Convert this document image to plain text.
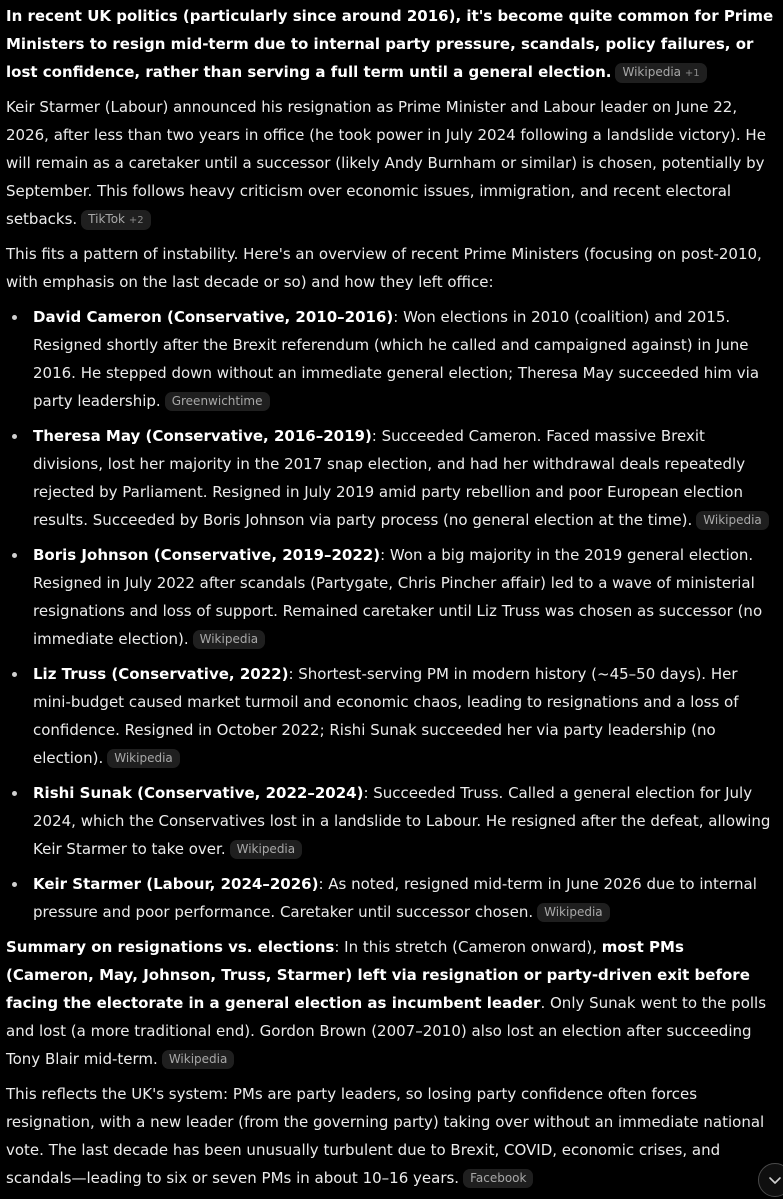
In recent UK politics (particularly since around 2016), it's become quite common for Prime Ministers to resign mid-term due to internal party pressure, scandals, policy failures, or lost confidence, rather than serving a full term until a general election. Wikipedia +1

Keir Starmer (Labour) announced his resignation as Prime Minister and Labour leader on June 22, 2026, after less than two years in office (he took power in July 2024 following a landslide victory). He will remain as a caretaker until a successor (likely Andy Burnham or similar) is chosen, potentially by September. This follows heavy criticism over economic issues, immigration, and recent electoral setbacks. TikTok +2

This fits a pattern of instability. Here's an overview of recent Prime Ministers (focusing on post-2010, with emphasis on the last decade or so) and how they left office:

David Cameron (Conservative, 2010–2016): Won elections in 2010 (coalition) and 2015. Resigned shortly after the Brexit referendum (which he called and campaigned against) in June 2016. He stepped down without an immediate general election; Theresa May succeeded him via party leadership. Greenwichtime
Theresa May (Conservative, 2016–2019): Succeeded Cameron. Faced massive Brexit divisions, lost her majority in the 2017 snap election, and had her withdrawal deals repeatedly rejected by Parliament. Resigned in July 2019 amid party rebellion and poor European election results. Succeeded by Boris Johnson via party process (no general election at the time). Wikipedia
Boris Johnson (Conservative, 2019–2022): Won a big majority in the 2019 general election. Resigned in July 2022 after scandals (Partygate, Chris Pincher affair) led to a wave of ministerial resignations and loss of support. Remained caretaker until Liz Truss was chosen as successor (no immediate election). Wikipedia
Liz Truss (Conservative, 2022): Shortest-serving PM in modern history (~45–50 days). Her mini-budget caused market turmoil and economic chaos, leading to resignations and a loss of confidence. Resigned in October 2022; Rishi Sunak succeeded her via party leadership (no election). Wikipedia
Rishi Sunak (Conservative, 2022–2024): Succeeded Truss. Called a general election for July 2024, which the Conservatives lost in a landslide to Labour. He resigned after the defeat, allowing Keir Starmer to take over. Wikipedia
Keir Starmer (Labour, 2024–2026): As noted, resigned mid-term in June 2026 due to internal pressure and poor performance. Caretaker until successor chosen. Wikipedia

Summary on resignations vs. elections: In this stretch (Cameron onward), most PMs (Cameron, May, Johnson, Truss, Starmer) left via resignation or party-driven exit before facing the electorate in a general election as incumbent leader. Only Sunak went to the polls and lost (a more traditional end). Gordon Brown (2007–2010) also lost an election after succeeding Tony Blair mid-term. Wikipedia

This reflects the UK's system: PMs are party leaders, so losing party confidence often forces resignation, with a new leader (from the governing party) taking over without an immediate national vote. The last decade has been unusually turbulent due to Brexit, COVID, economic crises, and scandals—leading to six or seven PMs in about 10–16 years. Facebook
